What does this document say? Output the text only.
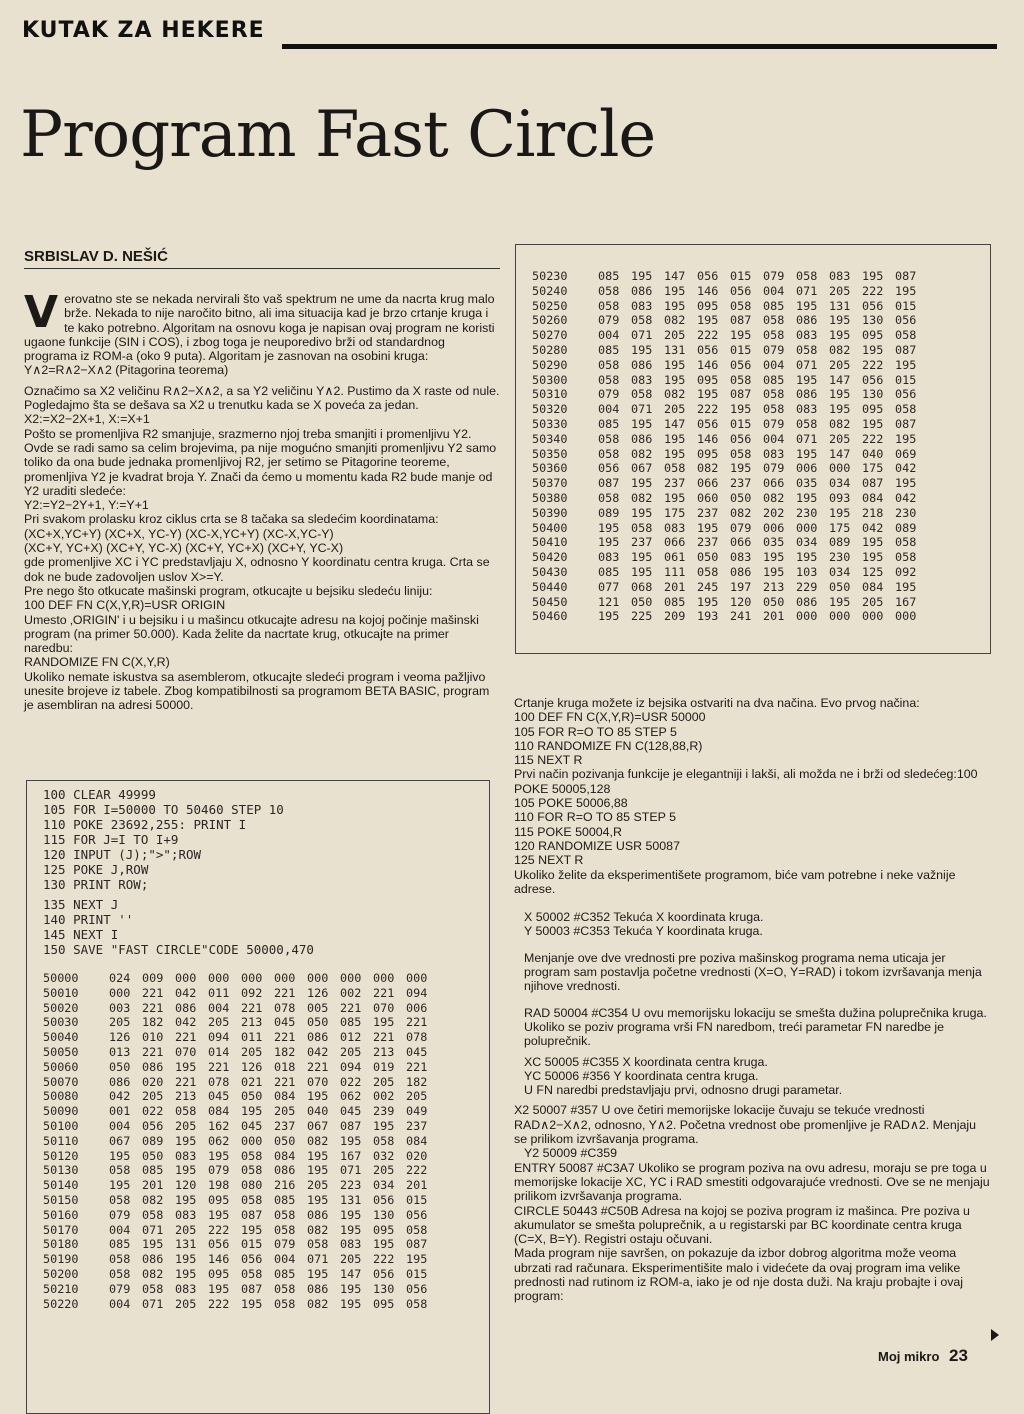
KUTAK ZA HEKERE
Program Fast Circle
SRBISLAV D. NEŠIĆ

Verovatno ste se nekada nervirali što vaš spektrum ne ume da nacrta krug malo brže. Nekada to nije naročito bitno, ali ima situacija kad je brzo crtanje kruga i te kako potrebno. Algoritam na osnovu koga je napisan ovaj program ne koristi ugaone funkcije (SIN i COS), i zbog toga je neuporedivo brži od standardnog programa iz ROM-a (oko 9 puta). Algoritam je zasnovan na osobini kruga:

Y∧2=R∧2−X∧2 (Pitagorina teorema)

Označimo sa X2 veličinu R∧2−X∧2, a sa Y2 veličinu Y∧2. Pustimo da X raste od nule. Pogledajmo šta se dešava sa X2 u trenutku kada se X poveća za jedan.

X2:=X2−2X+1, X:=X+1

Pošto se promenljiva R2 smanjuje, srazmerno njoj treba smanjiti i promenljivu Y2. Ovde se radi samo sa celim brojevima, pa nije mogućno smanjiti promenljivu Y2 samo toliko da ona bude jednaka promenljivoj R2, jer setimo se Pitagorine teoreme, promenljiva Y2 je kvadrat broja Y. Znači da ćemo u momentu kada R2 bude manje od Y2 uraditi sledeće:

Y2:=Y2−2Y+1, Y:=Y+1

Pri svakom prolasku kroz ciklus crta se 8 tačaka sa sledećim koordinatama:

(XC+X,YC+Y) (XC+X, YC-Y) (XC-X,YC+Y) (XC-X,YC-Y)

(XC+Y, YC+X) (XC+Y, YC-X) (XC+Y, YC+X) (XC+Y, YC-X)

gde promenljive XC i YC predstavljaju X, odnosno Y koordinatu centra kruga. Crta se dok ne bude zadovoljen uslov X>=Y.

Pre nego što otkucate mašinski program, otkucajte u bejsiku sledeću liniju:

100 DEF FN C(X,Y,R)=USR ORIGIN

Umesto ‚ORIGIN' i u bejsiku i u mašincu otkucajte adresu na kojoj počinje mašinski program (na primer 50.000). Kada želite da nacrtate krug, otkucajte na primer naredbu:

RANDOMIZE FN C(X,Y,R)

Ukoliko nemate iskustva sa asemblerom, otkucajte sledeći program i veoma pažljivo unesite brojeve iz tabele. Zbog kompatibilnosti sa programom BETA BASIC, program je asembliran na adresi 50000.

100 CLEAR 49999
105 FOR I=50000 TO 50460 STEP 10
110 POKE 23692,255: PRINT I
115 FOR J=I TO I+9
120 INPUT (J);">";ROW
125 POKE J,ROW
130 PRINT ROW;
135 NEXT J
140 PRINT ''
145 NEXT I
150 SAVE "FAST CIRCLE"CODE 50000,470
50000	024 009 000 000 000 000 000 000 000 000
50010	000 221 042 011 092 221 126 002 221 094
50020	003 221 086 004 221 078 005 221 070 006
50030	205 182 042 205 213 045 050 085 195 221
50040	126 010 221 094 011 221 086 012 221 078
50050	013 221 070 014 205 182 042 205 213 045
50060	050 086 195 221 126 018 221 094 019 221
50070	086 020 221 078 021 221 070 022 205 182
50080	042 205 213 045 050 084 195 062 002 205
50090	001 022 058 084 195 205 040 045 239 049
50100	004 056 205 162 045 237 067 087 195 237
50110	067 089 195 062 000 050 082 195 058 084
50120	195 050 083 195 058 084 195 167 032 020
50130	058 085 195 079 058 086 195 071 205 222
50140	195 201 120 198 080 216 205 223 034 201
50150	058 082 195 095 058 085 195 131 056 015
50160	079 058 083 195 087 058 086 195 130 056
50170	004 071 205 222 195 058 082 195 095 058
50180	085 195 131 056 015 079 058 083 195 087
50190	058 086 195 146 056 004 071 205 222 195
50200	058 082 195 095 058 085 195 147 056 015
50210	079 058 083 195 087 058 086 195 130 056
50220	004 071 205 222 195 058 082 195 095 058
50230	085 195 147 056 015 079 058 083 195 087
50240	058 086 195 146 056 004 071 205 222 195
50250	058 083 195 095 058 085 195 131 056 015
50260	079 058 082 195 087 058 086 195 130 056
50270	004 071 205 222 195 058 083 195 095 058
50280	085 195 131 056 015 079 058 082 195 087
50290	058 086 195 146 056 004 071 205 222 195
50300	058 083 195 095 058 085 195 147 056 015
50310	079 058 082 195 087 058 086 195 130 056
50320	004 071 205 222 195 058 083 195 095 058
50330	085 195 147 056 015 079 058 082 195 087
50340	058 086 195 146 056 004 071 205 222 195
50350	058 082 195 095 058 083 195 147 040 069
50360	056 067 058 082 195 079 006 000 175 042
50370	087 195 237 066 237 066 035 034 087 195
50380	058 082 195 060 050 082 195 093 084 042
50390	089 195 175 237 082 202 230 195 218 230
50400	195 058 083 195 079 006 000 175 042 089
50410	195 237 066 237 066 035 034 089 195 058
50420	083 195 061 050 083 195 195 230 195 058
50430	085 195 111 058 086 195 103 034 125 092
50440	077 068 201 245 197 213 229 050 084 195
50450	121 050 085 195 120 050 086 195 205 167
50460	195 225 209 193 241 201 000 000 000 000

Crtanje kruga možete iz bejsika ostvariti na dva načina. Evo prvog načina:

100 DEF FN C(X,Y,R)=USR 50000

105 FOR R=O TO 85 STEP 5

110 RANDOMIZE FN C(128,88,R)

115 NEXT R

Prvi način pozivanja funkcije je elegantniji i lakši, ali možda ne i brži od sledećeg:100 POKE 50005,128

105 POKE 50006,88

110 FOR R=O TO 85 STEP 5

115 POKE 50004,R

120 RANDOMIZE USR 50087

125 NEXT R

Ukoliko želite da eksperimentišete programom, biće vam potrebne i neke važnije adrese.

X 50002 #C352 Tekuća X koordinata kruga.

Y 50003 #C353 Tekuća Y koordinata kruga.

Menjanje ove dve vrednosti pre poziva mašinskog programa nema uticaja jer program sam postavlja početne vrednosti (X=O, Y=RAD) i tokom izvršavanja menja njihove vrednosti.

RAD 50004 #C354 U ovu memorijsku lokaciju se smešta dužina poluprečnika kruga. Ukoliko se poziv programa vrši FN naredbom, treći parametar FN naredbe je poluprečnik.

XC 50005 #C355 X koordinata centra kruga.

YC 50006 #356 Y koordinata centra kruga.

U FN naredbi predstavljaju prvi, odnosno drugi parametar.

X2 50007 #357 U ove četiri memorijske lokacije čuvaju se tekuće vrednosti RAD∧2−X∧2, odnosno, Y∧2. Početna vrednost obe promenljive je RAD∧2. Menjaju se prilikom izvršavanja programa.

Y2 50009 #C359

ENTRY 50087 #C3A7 Ukoliko se program poziva na ovu adresu, moraju se pre toga u memorijske lokacije XC, YC i RAD smestiti odgovarajuće vrednosti. Ove se ne menjaju prilikom izvršavanja programa.

CIRCLE 50443 #C50B Adresa na kojoj se poziva program iz mašinca. Pre poziva u akumulator se smešta poluprečnik, a u registarski par BC koordinate centra kruga (C=X, B=Y). Registri ostaju očuvani.

Mada program nije savršen, on pokazuje da izbor dobrog algoritma može veoma ubrzati rad računara. Eksperimentišite malo i videćete da ovaj program ima velike prednosti nad rutinom iz ROM-a, iako je od nje dosta duži. Na kraju probajte i ovaj program:

Moj mikro 23
